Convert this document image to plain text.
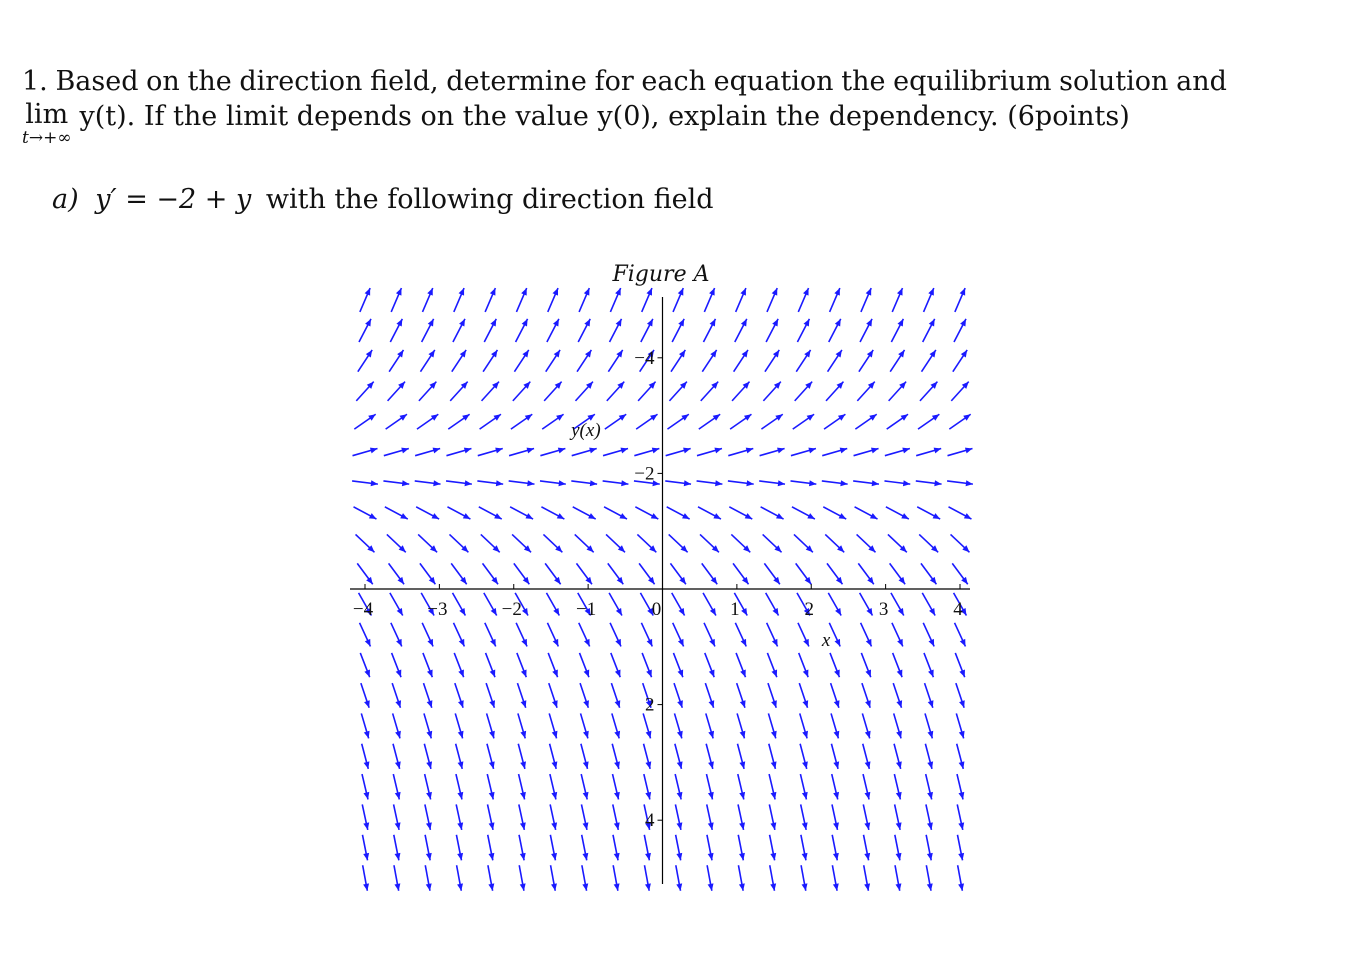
1. Based on the direction field, determine for each equation the equilibrium solution and
lim
t→+∞
y(t). If the limit depends on the value y(0), explain the dependency. (6points)
a) y′ = −2 + y with the following direction field
Figure A
−4	−3	−2	−1	0	1	2	3	4
4
2
−2
−4
x
y(x)
